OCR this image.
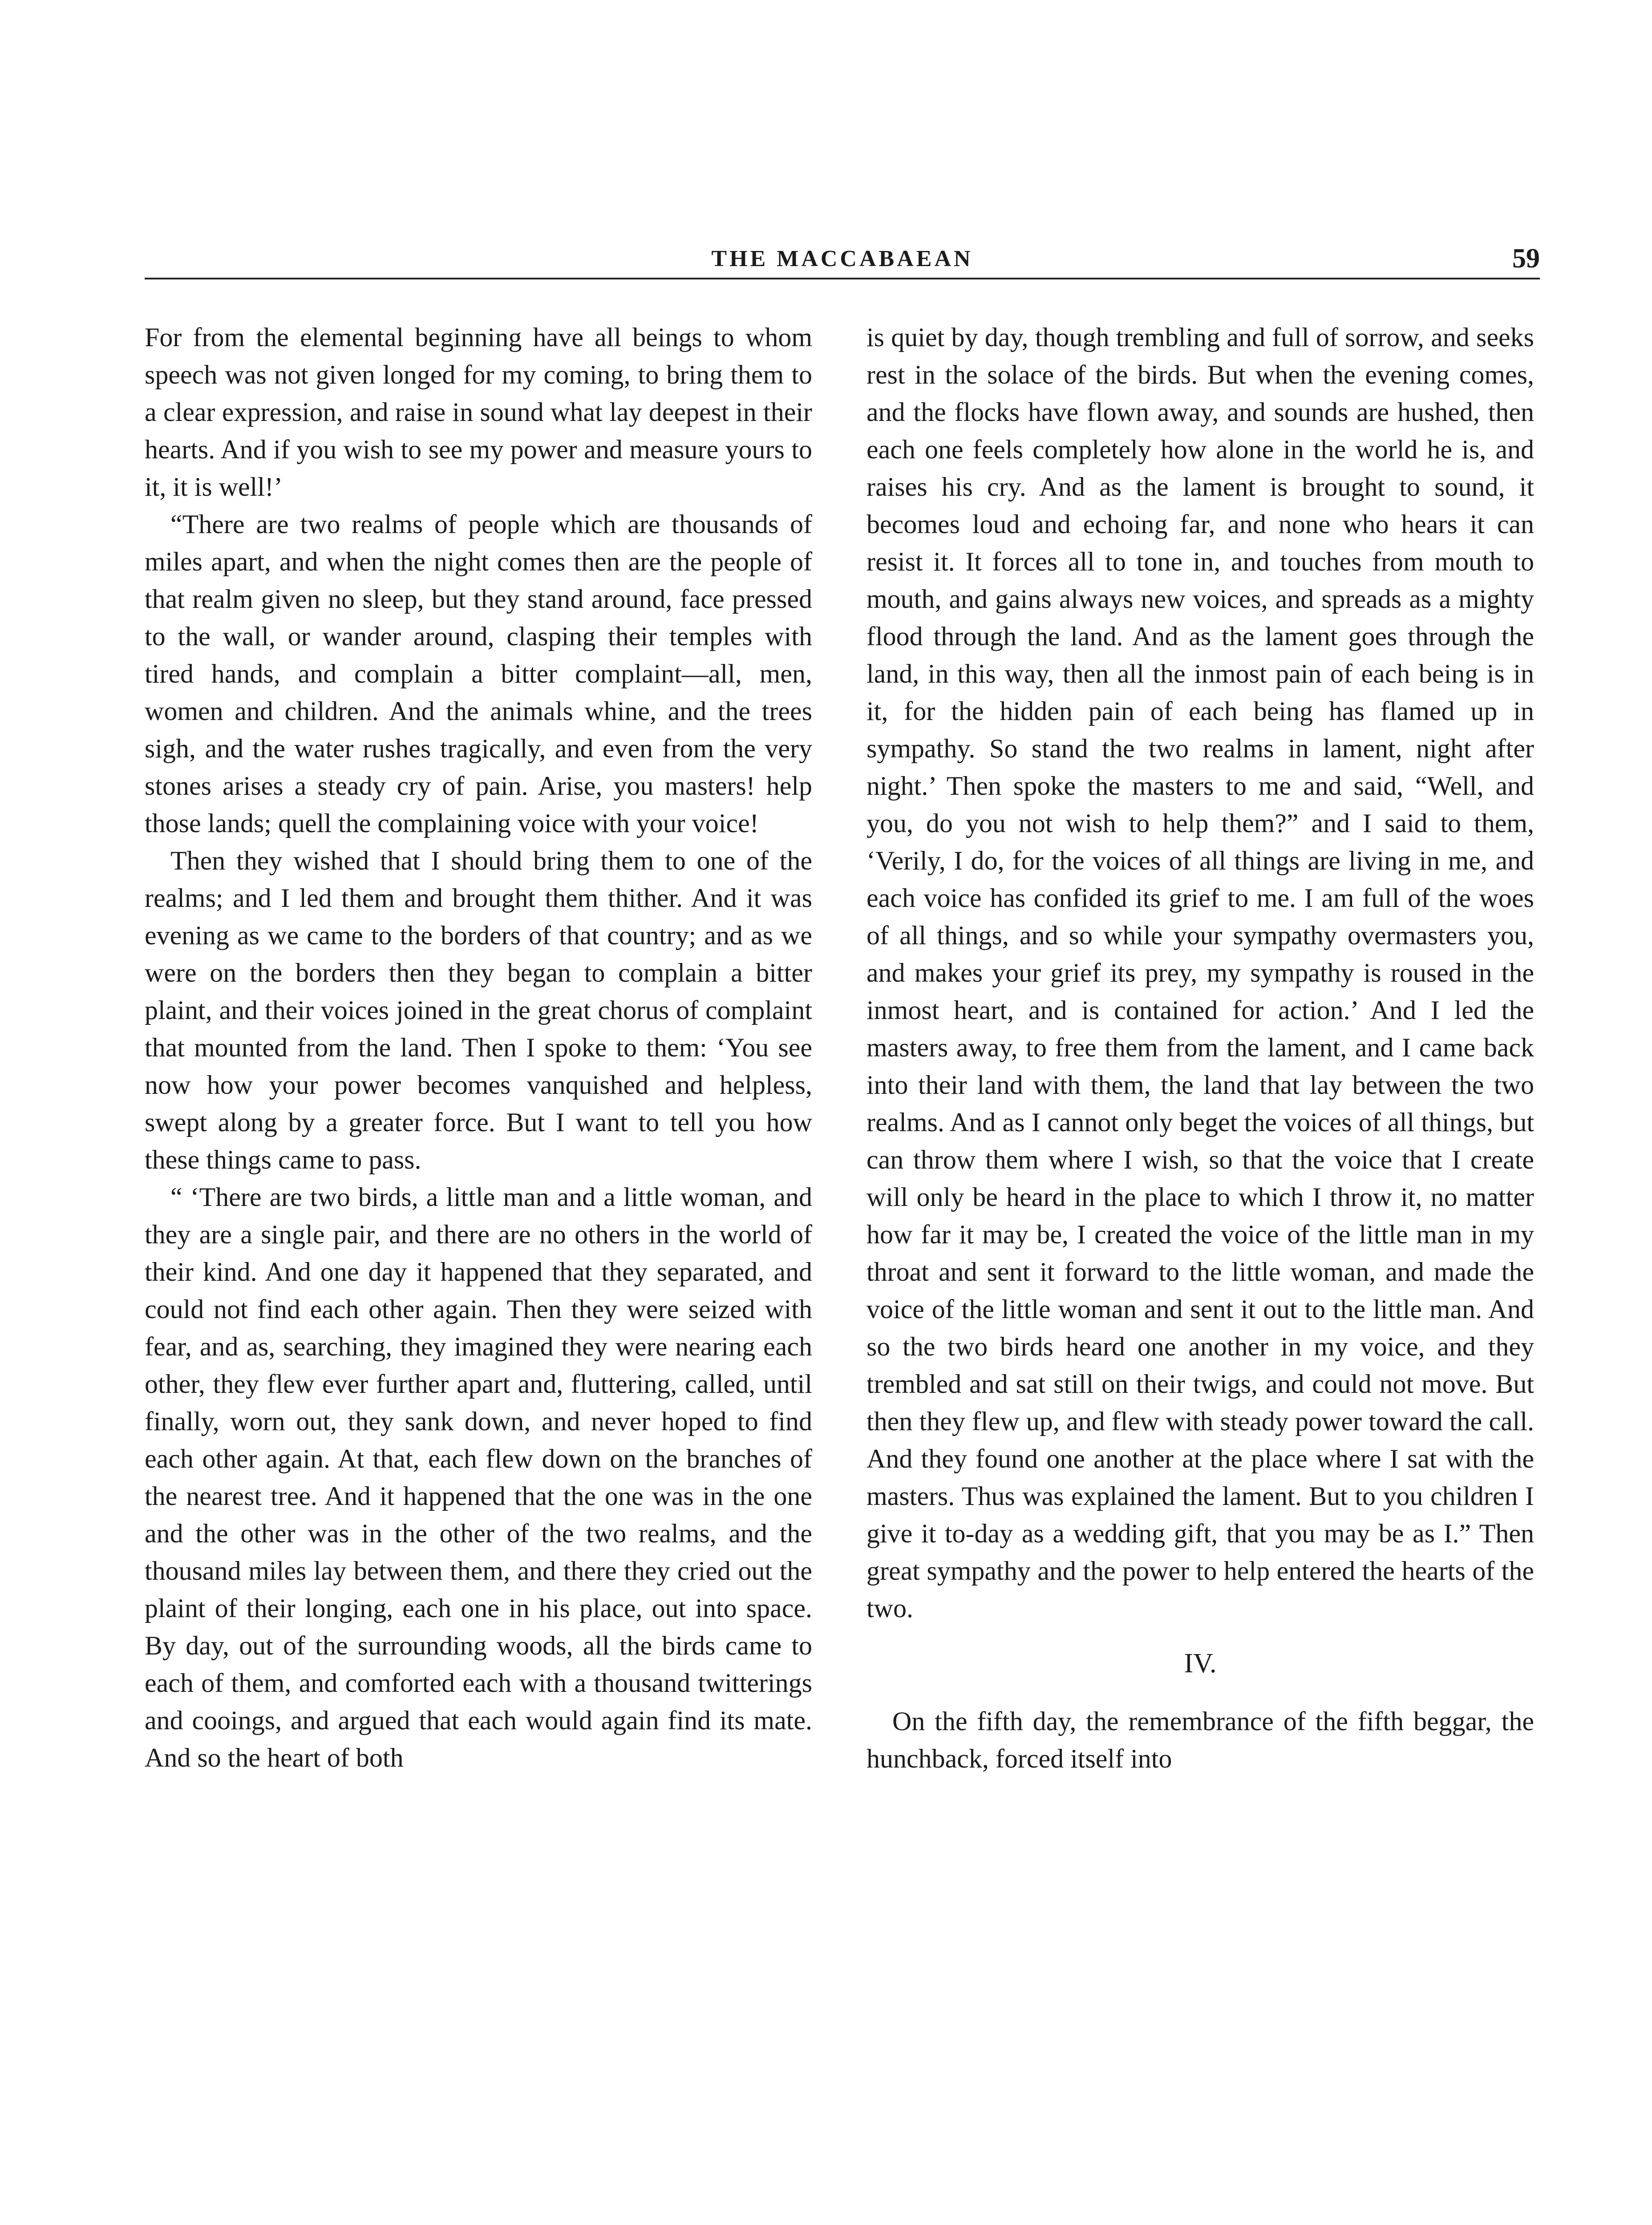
THE MACCABAEAN	59

For from the elemental beginning have all beings to whom speech was not given longed for my coming, to bring them to a clear expression, and raise in sound what lay deepest in their hearts. And if you wish to see my power and measure yours to it, it is well!’

“There are two realms of people which are thousands of miles apart, and when the night comes then are the people of that realm given no sleep, but they stand around, face pressed to the wall, or wander around, clasping their temples with tired hands, and complain a bitter complaint—all, men, women and children. And the animals whine, and the trees sigh, and the water rushes tragically, and even from the very stones arises a steady cry of pain. Arise, you masters! help those lands; quell the complaining voice with your voice!

Then they wished that I should bring them to one of the realms; and I led them and brought them thither. And it was evening as we came to the borders of that country; and as we were on the borders then they began to complain a bitter plaint, and their voices joined in the great chorus of complaint that mounted from the land. Then I spoke to them: ‘You see now how your power becomes vanquished and helpless, swept along by a greater force. But I want to tell you how these things came to pass.

“ ‘There are two birds, a little man and a little woman, and they are a single pair, and there are no others in the world of their kind. And one day it happened that they separated, and could not find each other again. Then they were seized with fear, and as, searching, they imagined they were nearing each other, they flew ever further apart and, fluttering, called, until finally, worn out, they sank down, and never hoped to find each other again. At that, each flew down on the branches of the nearest tree. And it happened that the one was in the one and the other was in the other of the two realms, and the thousand miles lay between them, and there they cried out the plaint of their longing, each one in his place, out into space. By day, out of the surrounding woods, all the birds came to each of them, and comforted each with a thousand twitterings and cooings, and argued that each would again find its mate. And so the heart of both

is quiet by day, though trembling and full of sorrow, and seeks rest in the solace of the birds. But when the evening comes, and the flocks have flown away, and sounds are hushed, then each one feels completely how alone in the world he is, and raises his cry. And as the lament is brought to sound, it becomes loud and echoing far, and none who hears it can resist it. It forces all to tone in, and touches from mouth to mouth, and gains always new voices, and spreads as a mighty flood through the land. And as the lament goes through the land, in this way, then all the inmost pain of each being is in it, for the hidden pain of each being has flamed up in sympathy. So stand the two realms in lament, night after night.’ Then spoke the masters to me and said, “Well, and you, do you not wish to help them?” and I said to them, ‘Verily, I do, for the voices of all things are living in me, and each voice has confided its grief to me. I am full of the woes of all things, and so while your sympathy overmasters you, and makes your grief its prey, my sympathy is roused in the inmost heart, and is contained for action.’ And I led the masters away, to free them from the lament, and I came back into their land with them, the land that lay between the two realms. And as I cannot only beget the voices of all things, but can throw them where I wish, so that the voice that I create will only be heard in the place to which I throw it, no matter how far it may be, I created the voice of the little man in my throat and sent it forward to the little woman, and made the voice of the little woman and sent it out to the little man. And so the two birds heard one another in my voice, and they trembled and sat still on their twigs, and could not move. But then they flew up, and flew with steady power toward the call. And they found one another at the place where I sat with the masters. Thus was explained the lament. But to you children I give it to-day as a wedding gift, that you may be as I.” Then great sympathy and the power to help entered the hearts of the two.

IV.

On the fifth day, the remembrance of the fifth beggar, the hunchback, forced itself into
